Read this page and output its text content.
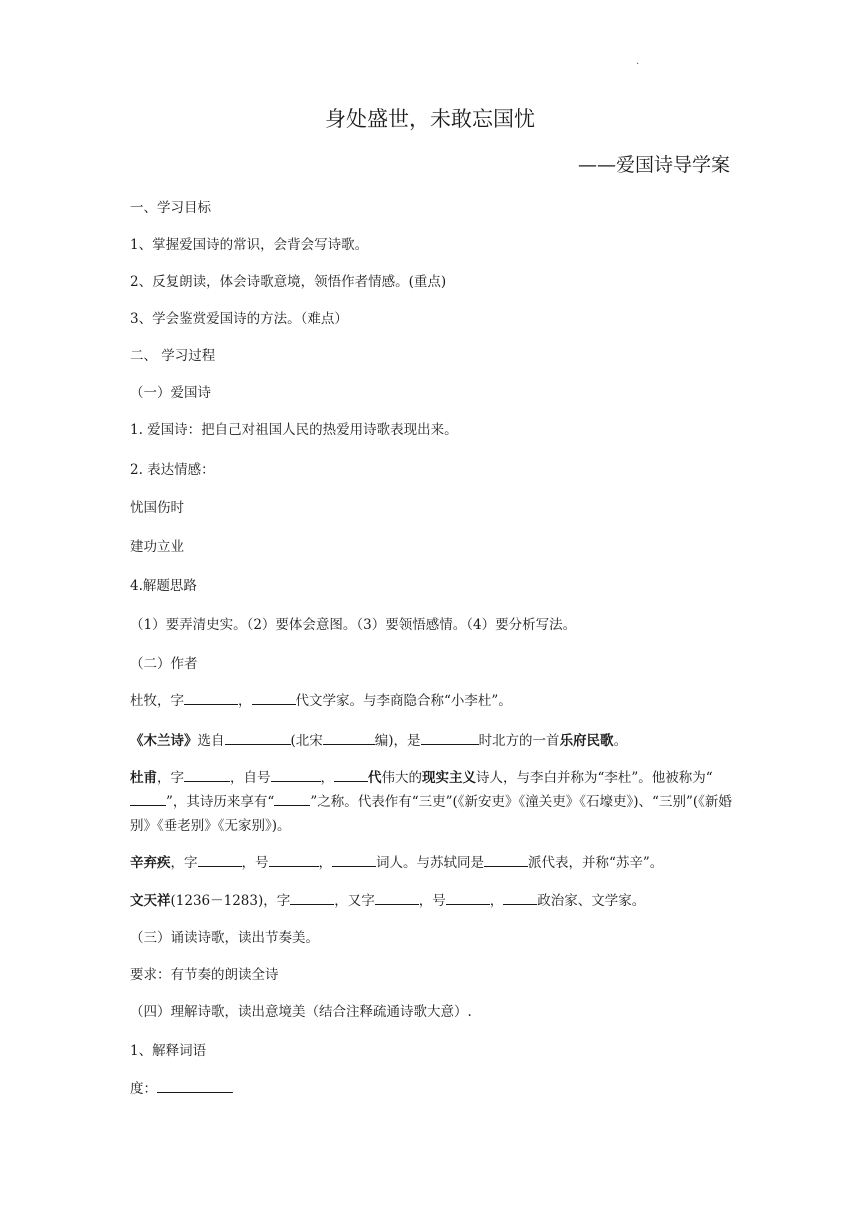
.
身处盛世，未敢忘国忧
——爱国诗导学案
一、学习目标
1、掌握爱国诗的常识，会背会写诗歌。
2、反复朗读，体会诗歌意境，领悟作者情感。(重点)
3、学会鉴赏爱国诗的方法。（难点）
二、 学习过程
（一）爱国诗
1. 爱国诗：把自己对祖国人民的热爱用诗歌表现出来。
2. 表达情感：
忧国伤时
建功立业
4.解题思路
（1）要弄清史实。（2）要体会意图。（3）要领悟感情。（4）要分析写法。
（二）作者
杜牧，字	，	代文学家。与李商隐合称“小李杜”。
《木兰诗》选自	(北宋	编)，是	时北方的一首乐府民歌。
杜甫，字	，自号	，	代伟大的现实主义诗人，与李白并称为“李杜”。他被称为“”，其诗历来享有“	”之称。代表作有“三吏”(《新安吏》《潼关吏》《石壕吏》)、“三别”(《新婚别》《垂老别》《无家别》)。
辛弃疾，字	，号	，	词人。与苏轼同是	派代表，并称“苏辛”。
文天祥(1236－1283)，字	，又字	，号	，	政治家、文学家。
（三）诵读诗歌，读出节奏美。
要求：有节奏的朗读全诗
（四）理解诗歌，读出意境美（结合注释疏通诗歌大意）.
1、解释词语
度：
